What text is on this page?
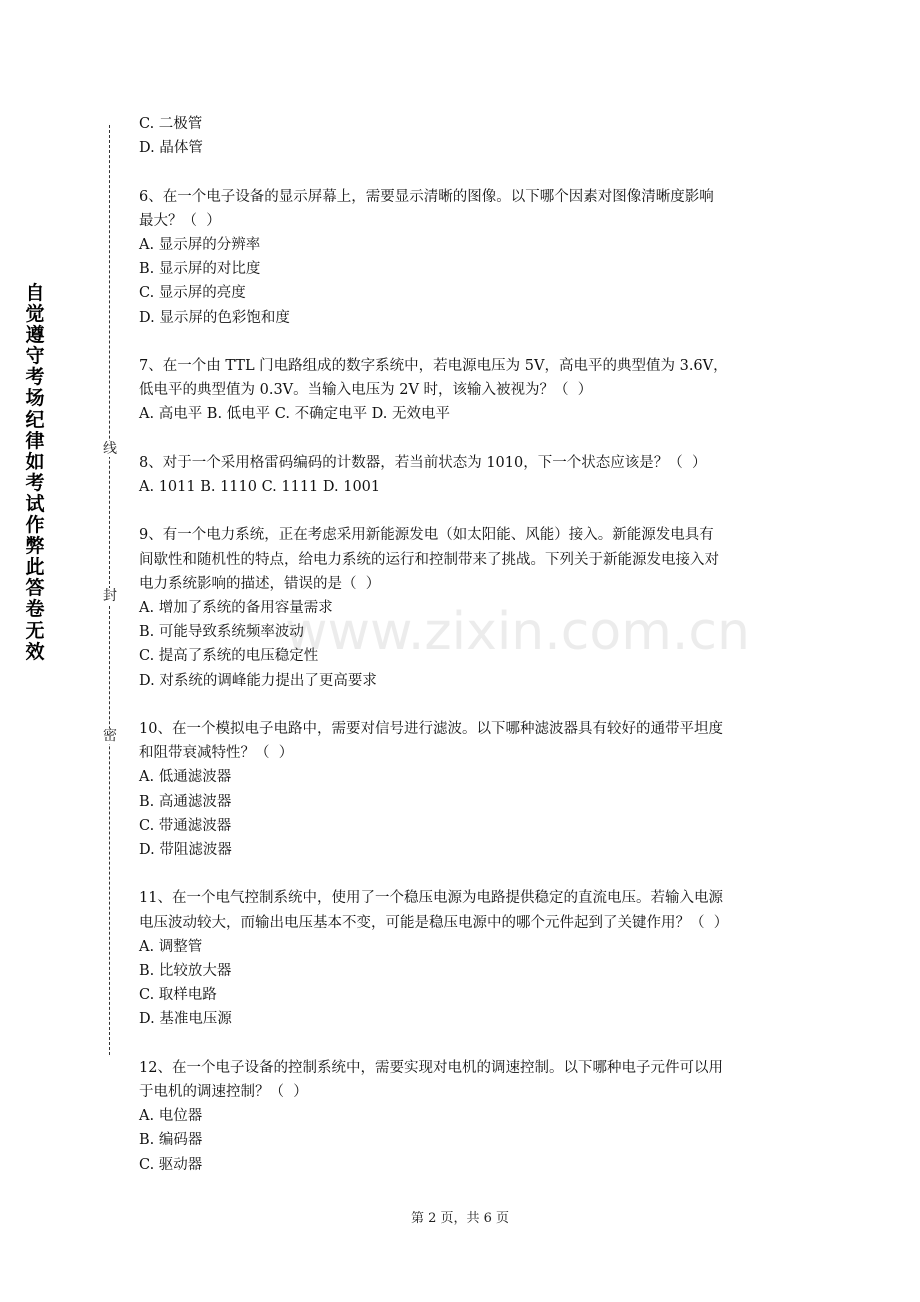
自
觉
遵
守
考
场
纪
律
如
考
试
作
弊
此
答
卷
无
效
线
封
密
www.zixin.com.cn

C. 二极管

D. 晶体管

6、在一个电子设备的显示屏幕上，需要显示清晰的图像。以下哪个因素对图像清晰度影响

最大？（  ）

A. 显示屏的分辨率

B. 显示屏的对比度

C. 显示屏的亮度

D. 显示屏的色彩饱和度

7、在一个由 TTL 门电路组成的数字系统中，若电源电压为 5V，高电平的典型值为 3.6V，

低电平的典型值为 0.3V。当输入电压为 2V 时，该输入被视为？（  ）

A. 高电平 B. 低电平 C. 不确定电平 D. 无效电平

8、对于一个采用格雷码编码的计数器，若当前状态为 1010，下一个状态应该是？（  ）

A. 1011 B. 1110 C. 1111 D. 1001

9、有一个电力系统，正在考虑采用新能源发电（如太阳能、风能）接入。新能源发电具有

间歇性和随机性的特点，给电力系统的运行和控制带来了挑战。下列关于新能源发电接入对

电力系统影响的描述，错误的是（  ）

A. 增加了系统的备用容量需求

B. 可能导致系统频率波动

C. 提高了系统的电压稳定性

D. 对系统的调峰能力提出了更高要求

10、在一个模拟电子电路中，需要对信号进行滤波。以下哪种滤波器具有较好的通带平坦度

和阻带衰减特性？（  ）

A. 低通滤波器

B. 高通滤波器

C. 带通滤波器

D. 带阻滤波器

11、在一个电气控制系统中，使用了一个稳压电源为电路提供稳定的直流电压。若输入电源

电压波动较大，而输出电压基本不变，可能是稳压电源中的哪个元件起到了关键作用？（  ）

A. 调整管

B. 比较放大器

C. 取样电路

D. 基准电压源

12、在一个电子设备的控制系统中，需要实现对电机的调速控制。以下哪种电子元件可以用

于电机的调速控制？（  ）

A. 电位器

B. 编码器

C. 驱动器

第 2 页，共 6 页
